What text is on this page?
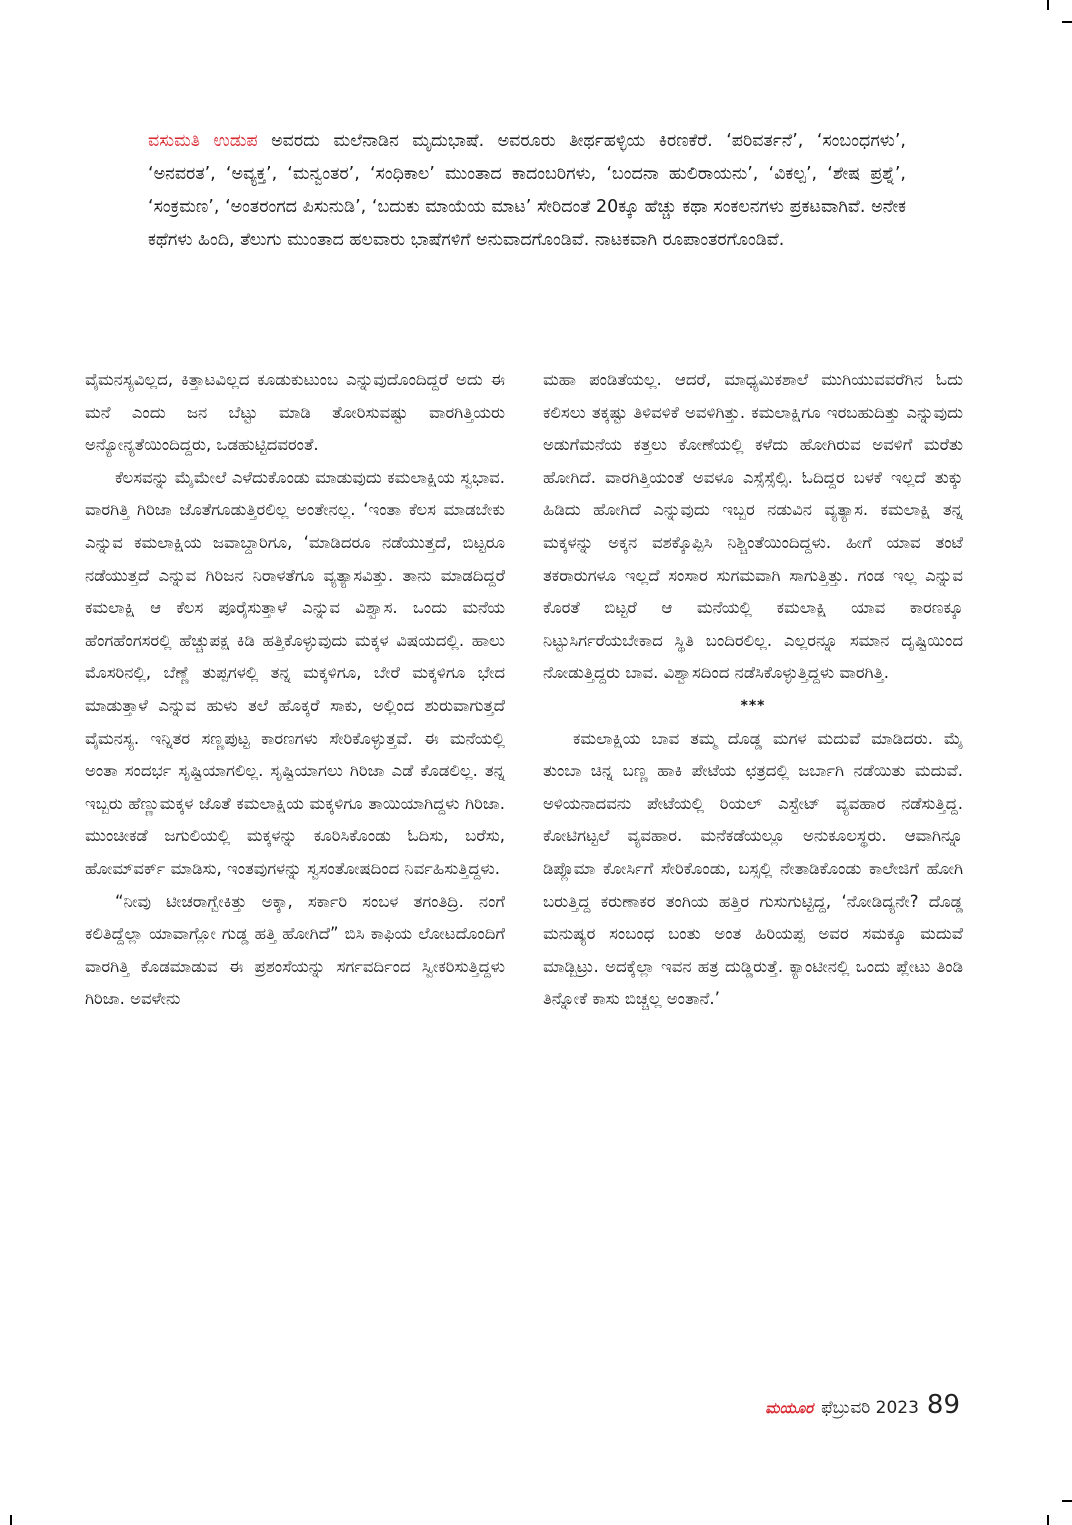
ವಸುಮತಿ ಉಡುಪ ಅವರದು ಮಲೆನಾಡಿನ ಮೃದುಭಾಷೆ. ಅವರೂರು ತೀರ್ಥಹಳ್ಳಿಯ ಕಿರಣಕೆರೆ. ‘ಪರಿವರ್ತನೆ’, ‘ಸಂಬಂಧಗಳು’, ‘ಅನವರತ’, ‘ಅವ್ಯಕ್ತ’, ‘ಮನ್ವಂತರ’, ‘ಸಂಧಿಕಾಲ’ ಮುಂತಾದ ಕಾದಂಬರಿಗಳು, ‘ಬಂದನಾ ಹುಲಿರಾಯನು’, ‘ವಿಕಲ್ಪ’, ‘ಶೇಷ ಪ್ರಶ್ನೆ’, ‘ಸಂಕ್ರಮಣ’, ‘ಅಂತರಂಗದ ಪಿಸುನುಡಿ’, ‘ಬದುಕು ಮಾಯೆಯ ಮಾಟ’ ಸೇರಿದಂತೆ 20ಕ್ಕೂ ಹೆಚ್ಚು ಕಥಾ ಸಂಕಲನಗಳು ಪ್ರಕಟವಾಗಿವೆ. ಅನೇಕ ಕಥೆಗಳು ಹಿಂದಿ, ತೆಲುಗು ಮುಂತಾದ ಹಲವಾರು ಭಾಷೆಗಳಿಗೆ ಅನುವಾದಗೊಂಡಿವೆ. ನಾಟಕವಾಗಿ ರೂಪಾಂತರಗೊಂಡಿವೆ.

ವೈಮನಸ್ಯವಿಲ್ಲದ, ಕಿತ್ತಾಟವಿಲ್ಲದ ಕೂಡುಕುಟುಂಬ ಎನ್ನುವುದೊಂದಿದ್ದರೆ ಅದು ಈ ಮನೆ ಎಂದು ಜನ ಬೆಟ್ಟು ಮಾಡಿ ತೋರಿಸುವಷ್ಟು ವಾರಗಿತ್ತಿಯರು ಅನ್ಯೋನ್ಯತೆಯಿಂದಿದ್ದರು, ಒಡಹುಟ್ಟಿದವರಂತೆ.

ಕೆಲಸವನ್ನು ಮೈಮೇಲೆ ಎಳೆದುಕೊಂಡು ಮಾಡುವುದು ಕಮಲಾಕ್ಷಿಯ ಸ್ವಭಾವ. ವಾರಗಿತ್ತಿ ಗಿರಿಜಾ ಜೊತೆಗೂಡುತ್ತಿರಲಿಲ್ಲ ಅಂತೇನಲ್ಲ. ‘ಇಂತಾ ಕೆಲಸ ಮಾಡಬೇಕು ಎನ್ನುವ ಕಮಲಾಕ್ಷಿಯ ಜವಾಬ್ದಾರಿಗೂ, ‘ಮಾಡಿದರೂ ನಡೆಯುತ್ತದೆ, ಬಿಟ್ಟರೂ ನಡೆಯುತ್ತದೆ ಎನ್ನುವ ಗಿರಿಜನ ನಿರಾಳತೆಗೂ ವ್ಯತ್ಯಾಸವಿತ್ತು. ತಾನು ಮಾಡದಿದ್ದರೆ ಕಮಲಾಕ್ಷಿ ಆ ಕೆಲಸ ಪೂರೈಸುತ್ತಾಳೆ ಎನ್ನುವ ವಿಶ್ವಾಸ. ಒಂದು ಮನೆಯ ಹೆಂಗಹೆಂಗಸರಲ್ಲಿ ಹೆಚ್ಚುಪಕ್ಷ ಕಿಡಿ ಹತ್ತಿಕೊಳ್ಳುವುದು ಮಕ್ಕಳ ವಿಷಯದಲ್ಲಿ. ಹಾಲು ಮೊಸರಿನಲ್ಲಿ, ಬೆಣ್ಣೆ ತುಪ್ಪಗಳಲ್ಲಿ ತನ್ನ ಮಕ್ಕಳಿಗೂ, ಬೇರೆ ಮಕ್ಕಳಿಗೂ ಭೇದ ಮಾಡುತ್ತಾಳೆ ಎನ್ನುವ ಹುಳು ತಲೆ ಹೊಕ್ಕರೆ ಸಾಕು, ಅಲ್ಲಿಂದ ಶುರುವಾಗುತ್ತದೆ ವೈಮನಸ್ಯ. ಇನ್ನಿತರ ಸಣ್ಣಪುಟ್ಟ ಕಾರಣಗಳು ಸೇರಿಕೊಳ್ಳುತ್ತವೆ. ಈ ಮನೆಯಲ್ಲಿ ಅಂತಾ ಸಂದರ್ಭ ಸೃಷ್ಟಿಯಾಗಲಿಲ್ಲ. ಸೃಷ್ಟಿಯಾಗಲು ಗಿರಿಜಾ ಎಡೆ ಕೊಡಲಿಲ್ಲ. ತನ್ನ ಇಬ್ಬರು ಹೆಣ್ಣುಮಕ್ಕಳ ಜೊತೆ ಕಮಲಾಕ್ಷಿಯ ಮಕ್ಕಳಿಗೂ ತಾಯಿಯಾಗಿದ್ದಳು ಗಿರಿಜಾ. ಮುಂಚೀಕಡೆ ಜಗುಲಿಯಲ್ಲಿ ಮಕ್ಕಳನ್ನು ಕೂರಿಸಿಕೊಂಡು ಓದಿಸು, ಬರೆಸು, ಹೋಮ್‌ವರ್ಕ್ ಮಾಡಿಸು, ಇಂತವುಗಳನ್ನು ಸ್ವಸಂತೋಷದಿಂದ ನಿರ್ವಹಿಸುತ್ತಿದ್ದಳು.

“ನೀವು ಟೀಚರಾಗ್ಬೇಕಿತ್ತು ಅಕ್ಕಾ, ಸರ್ಕಾರಿ ಸಂಬಳ ತಗಂತಿದ್ರಿ. ನಂಗೆ ಕಲಿತಿದ್ದೆಲ್ಲಾ ಯಾವಾಗ್ಲೋ ಗುಡ್ಡ ಹತ್ತಿ ಹೋಗಿದೆ” ಬಿಸಿ ಕಾಫಿಯ ಲೋಟದೊಂದಿಗೆ ವಾರಗಿತ್ತಿ ಕೊಡಮಾಡುವ ಈ ಪ್ರಶಂಸೆಯನ್ನು ಸರ್ಗವರ್ದಿಂದ ಸ್ವೀಕರಿಸುತ್ತಿದ್ದಳು ಗಿರಿಜಾ. ಅವಳೇನು

ಮಹಾ ಪಂಡಿತೆಯಲ್ಲ. ಆದರೆ, ಮಾಧ್ಯಮಿಕಶಾಲೆ ಮುಗಿಯುವವರೆಗಿನ ಓದು ಕಲಿಸಲು ತಕ್ಕಷ್ಟು ತಿಳಿವಳಿಕೆ ಅವಳಿಗಿತ್ತು. ಕಮಲಾಕ್ಷಿಗೂ ಇರಬಹುದಿತ್ತು ಎನ್ನುವುದು ಅಡುಗೆಮನೆಯ ಕತ್ತಲು ಕೋಣೆಯಲ್ಲಿ ಕಳೆದು ಹೋಗಿರುವ ಅವಳಿಗೆ ಮರೆತು ಹೋಗಿದೆ. ವಾರಗಿತ್ತಿಯಂತೆ ಅವಳೂ ಎಸ್ಸೆಸ್ಸೆಲ್ಸಿ. ಓದಿದ್ದರ ಬಳಕೆ ಇಲ್ಲದೆ ತುಕ್ಕು ಹಿಡಿದು ಹೋಗಿದೆ ಎನ್ನುವುದು ಇಬ್ಬರ ನಡುವಿನ ವ್ಯತ್ಯಾಸ. ಕಮಲಾಕ್ಷಿ ತನ್ನ ಮಕ್ಕಳನ್ನು ಅಕ್ಕನ ವಶಕ್ಕೊಪ್ಪಿಸಿ ನಿಶ್ಚಿಂತೆಯಿಂದಿದ್ದಳು. ಹೀಗೆ ಯಾವ ತಂಟೆ ತಕರಾರುಗಳೂ ಇಲ್ಲದೆ ಸಂಸಾರ ಸುಗಮವಾಗಿ ಸಾಗುತ್ತಿತ್ತು. ಗಂಡ ಇಲ್ಲ ಎನ್ನುವ ಕೊರತೆ ಬಿಟ್ಟರೆ ಆ ಮನೆಯಲ್ಲಿ ಕಮಲಾಕ್ಷಿ ಯಾವ ಕಾರಣಕ್ಕೂ ನಿಟ್ಟುಸಿರ್ಗರೆಯಬೇಕಾದ ಸ್ಥಿತಿ ಬಂದಿರಲಿಲ್ಲ. ಎಲ್ಲರನ್ನೂ ಸಮಾನ ದೃಷ್ಟಿಯಿಂದ ನೋಡುತ್ತಿದ್ದರು ಬಾವ. ವಿಶ್ವಾಸದಿಂದ ನಡೆಸಿಕೊಳ್ಳುತ್ತಿದ್ದಳು ವಾರಗಿತ್ತಿ.

***

ಕಮಲಾಕ್ಷಿಯ ಬಾವ ತಮ್ಮ ದೊಡ್ಡ ಮಗಳ ಮದುವೆ ಮಾಡಿದರು. ಮೈ ತುಂಬಾ ಚಿನ್ನ ಬಣ್ಣ ಹಾಕಿ ಪೇಟೆಯ ಛತ್ರದಲ್ಲಿ ಜರ್ಬಾಗಿ ನಡೆಯಿತು ಮದುವೆ. ಅಳಿಯನಾದವನು ಪೇಟೆಯಲ್ಲಿ ರಿಯಲ್ ಎಸ್ಟೇಟ್ ವ್ಯವಹಾರ ನಡೆಸುತ್ತಿದ್ದ. ಕೋಟಿಗಟ್ಟಲೆ ವ್ಯವಹಾರ. ಮನೆಕಡೆಯಲ್ಲೂ ಅನುಕೂಲಸ್ಥರು. ಆವಾಗಿನ್ನೂ ಡಿಪ್ಲೊಮಾ ಕೋರ್ಸಿಗೆ ಸೇರಿಕೊಂಡು, ಬಸ್ಸಲ್ಲಿ ನೇತಾಡಿಕೊಂಡು ಕಾಲೇಜಿಗೆ ಹೋಗಿ ಬರುತ್ತಿದ್ದ ಕರುಣಾಕರ ತಂಗಿಯ ಹತ್ತಿರ ಗುಸುಗುಟ್ಟಿದ್ದ, ‘ನೋಡಿದ್ಯನೇ? ದೊಡ್ಡ ಮನುಷ್ಯರ ಸಂಬಂಧ ಬಂತು ಅಂತ ಹಿರಿಯಪ್ಪ ಅವರ ಸಮಕ್ಕೂ ಮದುವೆ ಮಾಡ್ಬಿಟ್ರು. ಅದಕ್ಕೆಲ್ಲಾ ಇವನ ಹತ್ರ ದುಡ್ಡಿರುತ್ತೆ. ಕ್ಯಾಂಟೀನಲ್ಲಿ ಒಂದು ಪ್ಲೇಟು ತಿಂಡಿ ತಿನ್ನೋಕೆ ಕಾಸು ಬಿಚ್ಚಲ್ಲ ಅಂತಾನೆ.’

ಮಯೂರ ಫೆಬ್ರುವರಿ 2023 89
